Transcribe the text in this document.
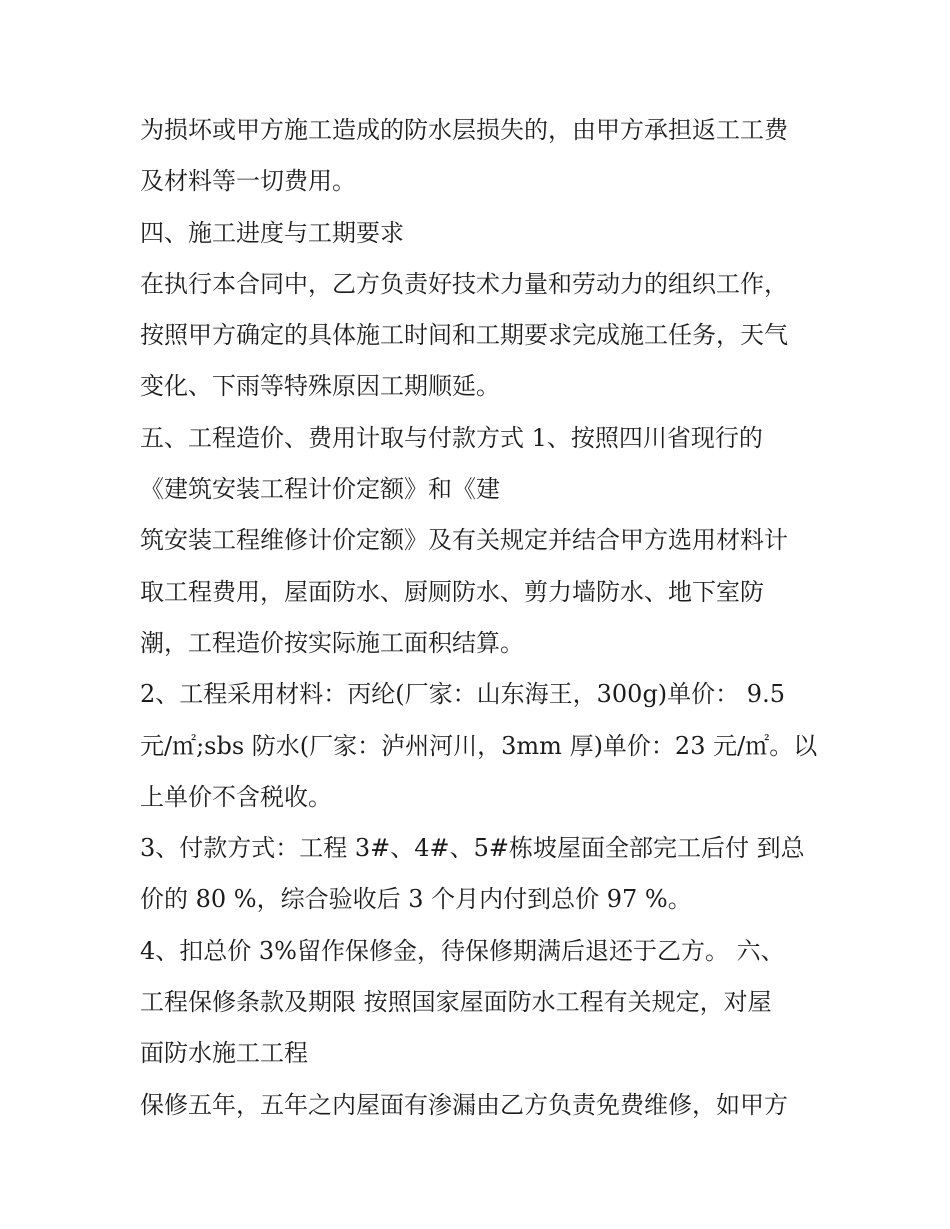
为损坏或甲方施工造成的防水层损失的，由甲方承担返工工费
及材料等一切费用。
四、施工进度与工期要求
在执行本合同中，乙方负责好技术力量和劳动力的组织工作，
按照甲方确定的具体施工时间和工期要求完成施工任务，天气
变化、下雨等特殊原因工期顺延。
五、工程造价、费用计取与付款方式 1、按照四川省现行的
《建筑安装工程计价定额》和《建
筑安装工程维修计价定额》及有关规定并结合甲方选用材料计
取工程费用，屋面防水、厨厕防水、剪力墙防水、地下室防
潮，工程造价按实际施工面积结算。
2、工程采用材料：丙纶(厂家：山东海王，300g)单价： 9.5
元/㎡;sbs 防水(厂家：泸州河川，3mm 厚)单价：23 元/㎡。以
上单价不含税收。
3、付款方式：工程 3#、4#、5#栋坡屋面全部完工后付 到总
价的 80 %，综合验收后 3 个月内付到总价 97 %。
4、扣总价 3%留作保修金，待保修期满后退还于乙方。 六、
工程保修条款及期限 按照国家屋面防水工程有关规定，对屋
面防水施工工程
保修五年，五年之内屋面有渗漏由乙方负责免费维修，如甲方
